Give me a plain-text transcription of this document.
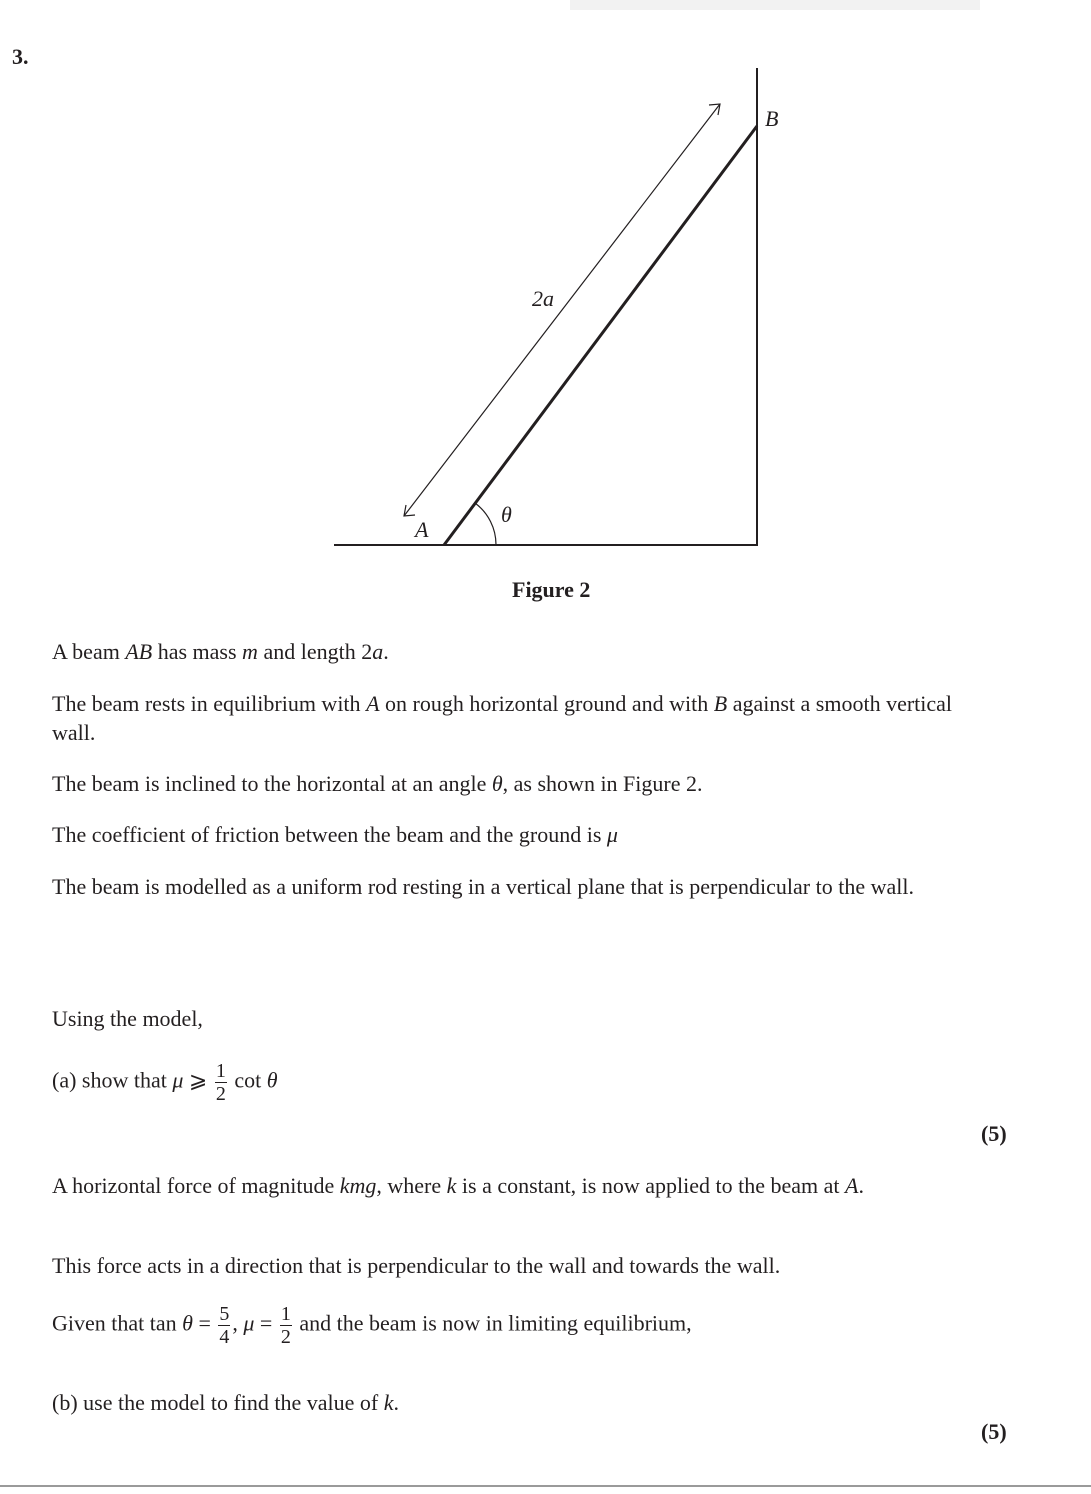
3.
B
2a
θ
A
Figure 2
A beam AB has mass m and length 2a.
The beam rests in equilibrium with A on rough horizontal ground and with B against a smooth vertical wall.
The beam is inclined to the horizontal at an angle θ, as shown in Figure 2.
The coefficient of friction between the beam and the ground is μ
The beam is modelled as a uniform rod resting in a vertical plane that is perpendicular to the wall.
Using the model,
(a) show that μ ⩾ $\frac{1}{2}$ cot θ
(5)
A horizontal force of magnitude kmg, where k is a constant, is now applied to the beam at A.
This force acts in a direction that is perpendicular to the wall and towards the wall.
Given that $\tan \theta = \frac{5}{4}$ , $\mu = \frac{1}{2}$ and the beam is now in limiting equilibrium,
(b) use the model to find the value of k.
(5)
